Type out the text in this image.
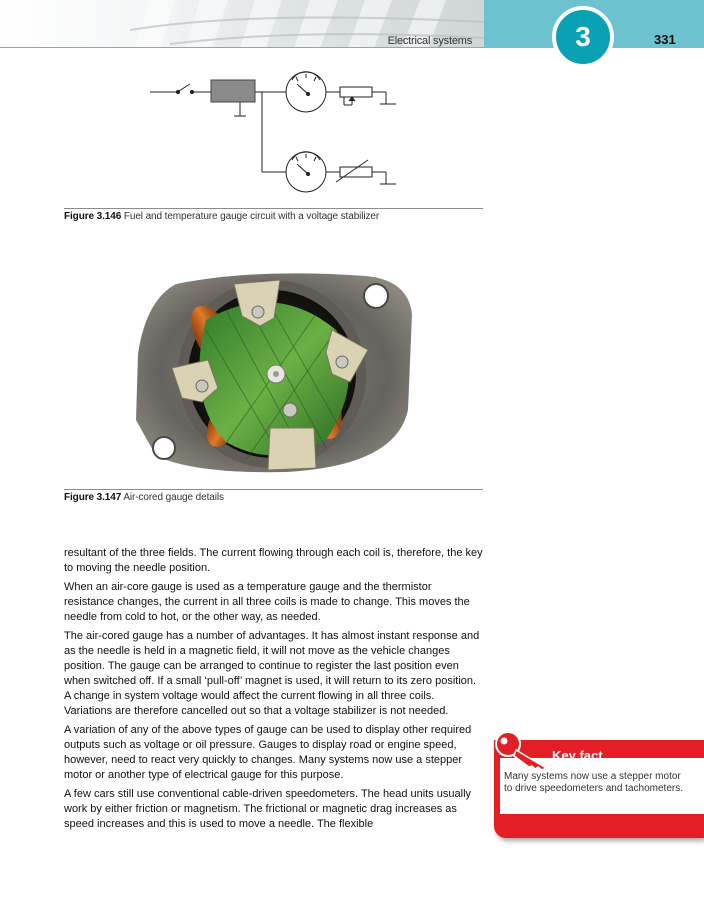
Electrical systems	3	331
Figure 3.146 Fuel and temperature gauge circuit with a voltage stabilizer
Figure 3.147 Air-cored gauge details

resultant of the three fields. The current flowing through each coil is, therefore, the key to moving the needle position.

When an air-core gauge is used as a temperature gauge and the thermistor resistance changes, the current in all three coils is made to change. This moves the needle from cold to hot, or the other way, as needed.

The air-cored gauge has a number of advantages. It has almost instant response and as the needle is held in a magnetic field, it will not move as the vehicle changes position. The gauge can be arranged to continue to register the last position even when switched off. If a small ‘pull-off’ magnet is used, it will return to its zero position. A change in system voltage would affect the current flowing in all three coils. Variations are therefore cancelled out so that a voltage stabilizer is not needed.

A variation of any of the above types of gauge can be used to display other required outputs such as voltage or oil pressure. Gauges to display road or engine speed, however, need to react very quickly to changes. Many systems now use a stepper motor or another type of electrical gauge for this purpose.

A few cars still use conventional cable-driven speedometers. The head units usually work by either friction or magnetism. The frictional or magnetic drag increases as speed increases and this is used to move a needle. The flexible

Key fact
Many systems now use a stepper motor to drive speedometers and tachometers.
